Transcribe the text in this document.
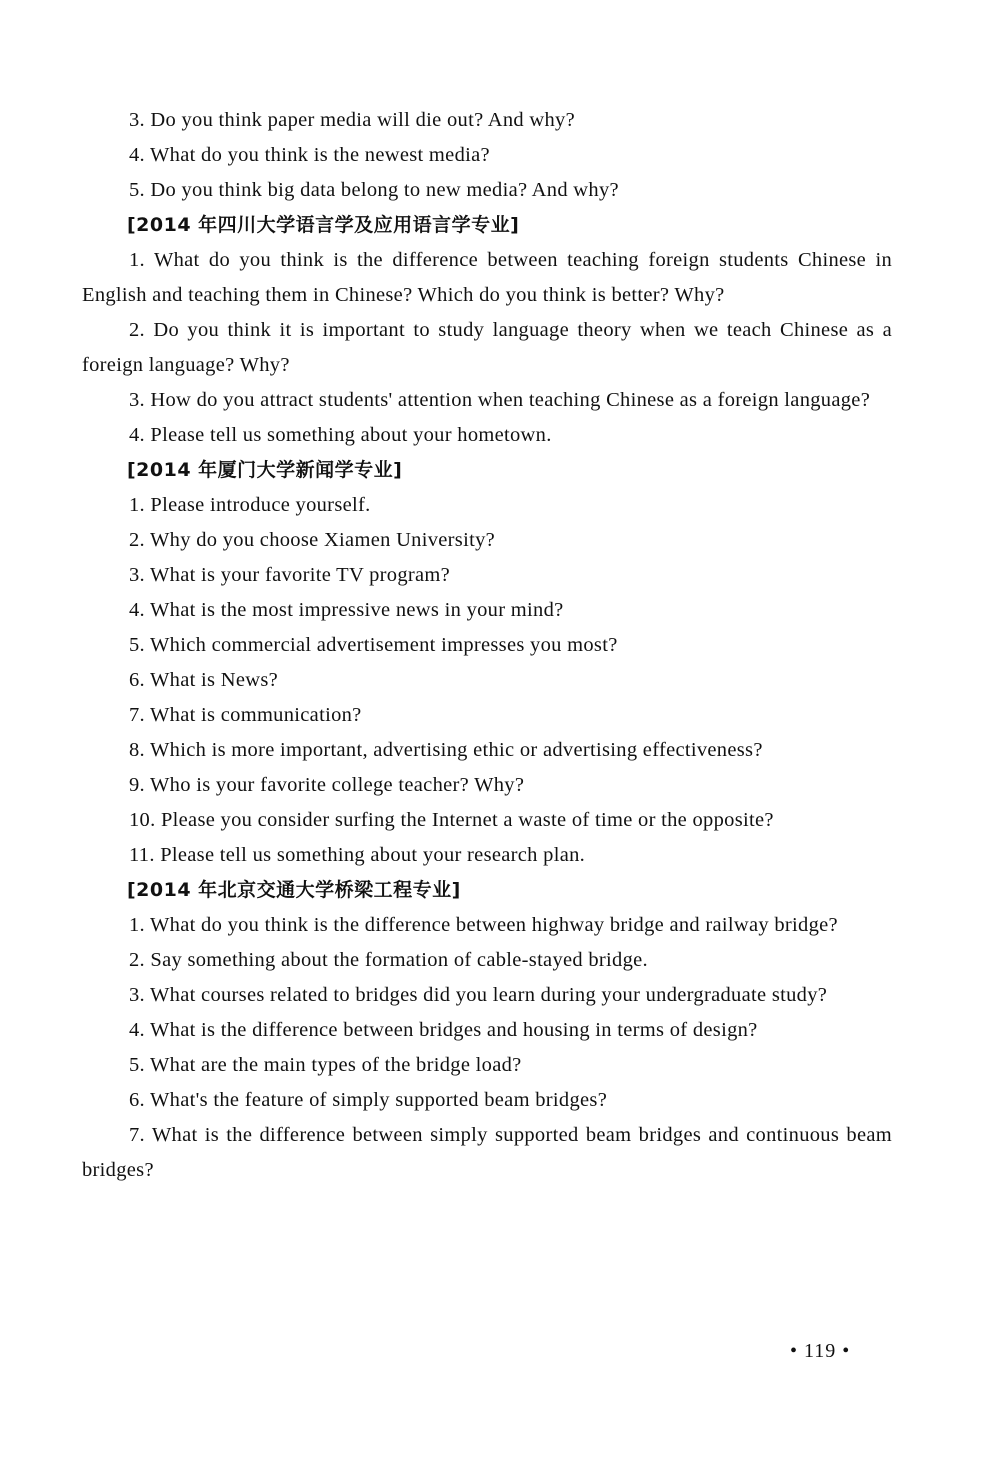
3. Do you think paper media will die out? And why?

4. What do you think is the newest media?

5. Do you think big data belong to new media? And why?

[2014 年四川大学语言学及应用语言学专业]

1. What do you think is the difference between teaching foreign students Chinese in English and teaching them in Chinese? Which do you think is better? Why?

2. Do you think it is important to study language theory when we teach Chinese as a foreign language? Why?

3. How do you attract students' attention when teaching Chinese as a foreign language?

4. Please tell us something about your hometown.

[2014 年厦门大学新闻学专业]

1. Please introduce yourself.

2. Why do you choose Xiamen University?

3. What is your favorite TV program?

4. What is the most impressive news in your mind?

5. Which commercial advertisement impresses you most?

6. What is News?

7. What is communication?

8. Which is more important, advertising ethic or advertising effectiveness?

9. Who is your favorite college teacher? Why?

10. Please you consider surfing the Internet a waste of time or the opposite?

11. Please tell us something about your research plan.

[2014 年北京交通大学桥梁工程专业]

1. What do you think is the difference between highway bridge and railway bridge?

2. Say something about the formation of cable-stayed bridge.

3. What courses related to bridges did you learn during your undergraduate study?

4. What is the difference between bridges and housing in terms of design?

5. What are the main types of the bridge load?

6. What's the feature of simply supported beam bridges?

7. What is the difference between simply supported beam bridges and continuous beam bridges?

• 119 •
